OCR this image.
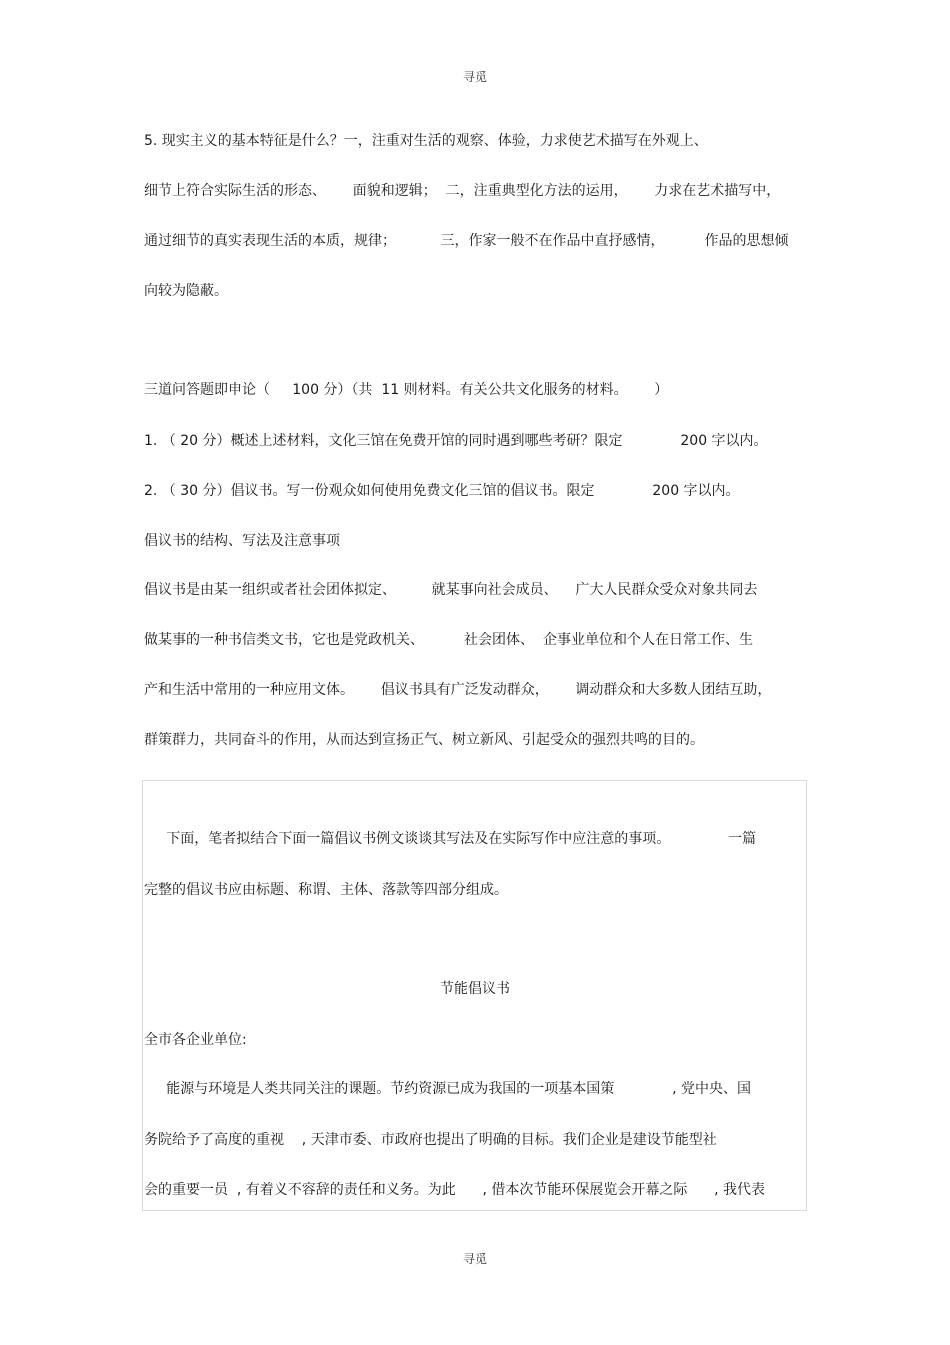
寻觅
5. 现实主义的基本特征是什么？一，注重对生活的观察、体验，力求使艺术描写在外观上、
细节上符合实际生活的形态、      面貌和逻辑；  二，注重典型化方法的运用，      力求在艺术描写中，
通过细节的真实表现生活的本质，规律；          三，作家一般不在作品中直抒感情，         作品的思想倾
向较为隐蔽。
三道问答题即申论（     100 分）（共  11 则材料。有关公共文化服务的材料。      ）
1. （ 20 分）概述上述材料，文化三馆在免费开馆的同时遇到哪些考研？限定             200 字以内。
2. （ 30 分）倡议书。写一份观众如何使用免费文化三馆的倡议书。限定             200 字以内。
倡议书的结构、写法及注意事项
倡议书是由某一组织或者社会团体拟定、        就某事向社会成员、    广大人民群众受众对象共同去
做某事的一种书信类文书，它也是党政机关、         社会团体、  企事业单位和个人在日常工作、生
产和生活中常用的一种应用文体。      倡议书具有广泛发动群众，      调动群众和大多数人团结互助，
群策群力，共同奋斗的作用，从而达到宣扬正气、树立新风、引起受众的强烈共鸣的目的。
下面，笔者拟结合下面一篇倡议书例文谈谈其写法及在实际写作中应注意的事项。             一篇
完整的倡议书应由标题、称谓、主体、落款等四部分组成。
节能倡议书
全市各企业单位:
能源与环境是人类共同关注的课题。节约资源已成为我国的一项基本国策             , 党中央、国
务院给予了高度的重视    , 天津市委、市政府也提出了明确的目标。我们企业是建设节能型社
会的重要一员  , 有着义不容辞的责任和义务。为此      , 借本次节能环保展览会开幕之际      , 我代表
寻觅
